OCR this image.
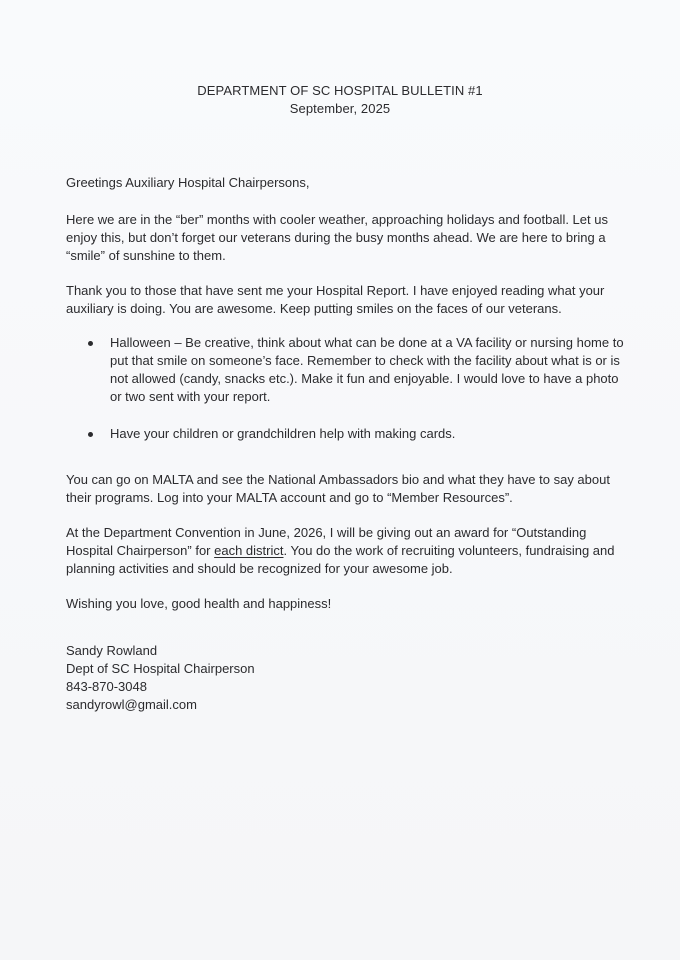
DEPARTMENT OF SC HOSPITAL BULLETIN #1
September, 2025

Greetings Auxiliary Hospital Chairpersons,

Here we are in the “ber” months with cooler weather, approaching holidays and football. Let us enjoy this, but don’t forget our veterans during the busy months ahead. We are here to bring a “smile” of sunshine to them.

Thank you to those that have sent me your Hospital Report. I have enjoyed reading what your auxiliary is doing. You are awesome. Keep putting smiles on the faces of our veterans.

Halloween – Be creative, think about what can be done at a VA facility or nursing home to put that smile on someone’s face. Remember to check with the facility about what is or is not allowed (candy, snacks etc.). Make it fun and enjoyable. I would love to have a photo or two sent with your report.
Have your children or grandchildren help with making cards.

You can go on MALTA and see the National Ambassadors bio and what they have to say about their programs. Log into your MALTA account and go to “Member Resources”.

At the Department Convention in June, 2026, I will be giving out an award for “Outstanding Hospital Chairperson” for each district. You do the work of recruiting volunteers, fundraising and planning activities and should be recognized for your awesome job.

Wishing you love, good health and happiness!

Sandy Rowland
Dept of SC Hospital Chairperson
843-870-3048
sandyrowl@gmail.com
